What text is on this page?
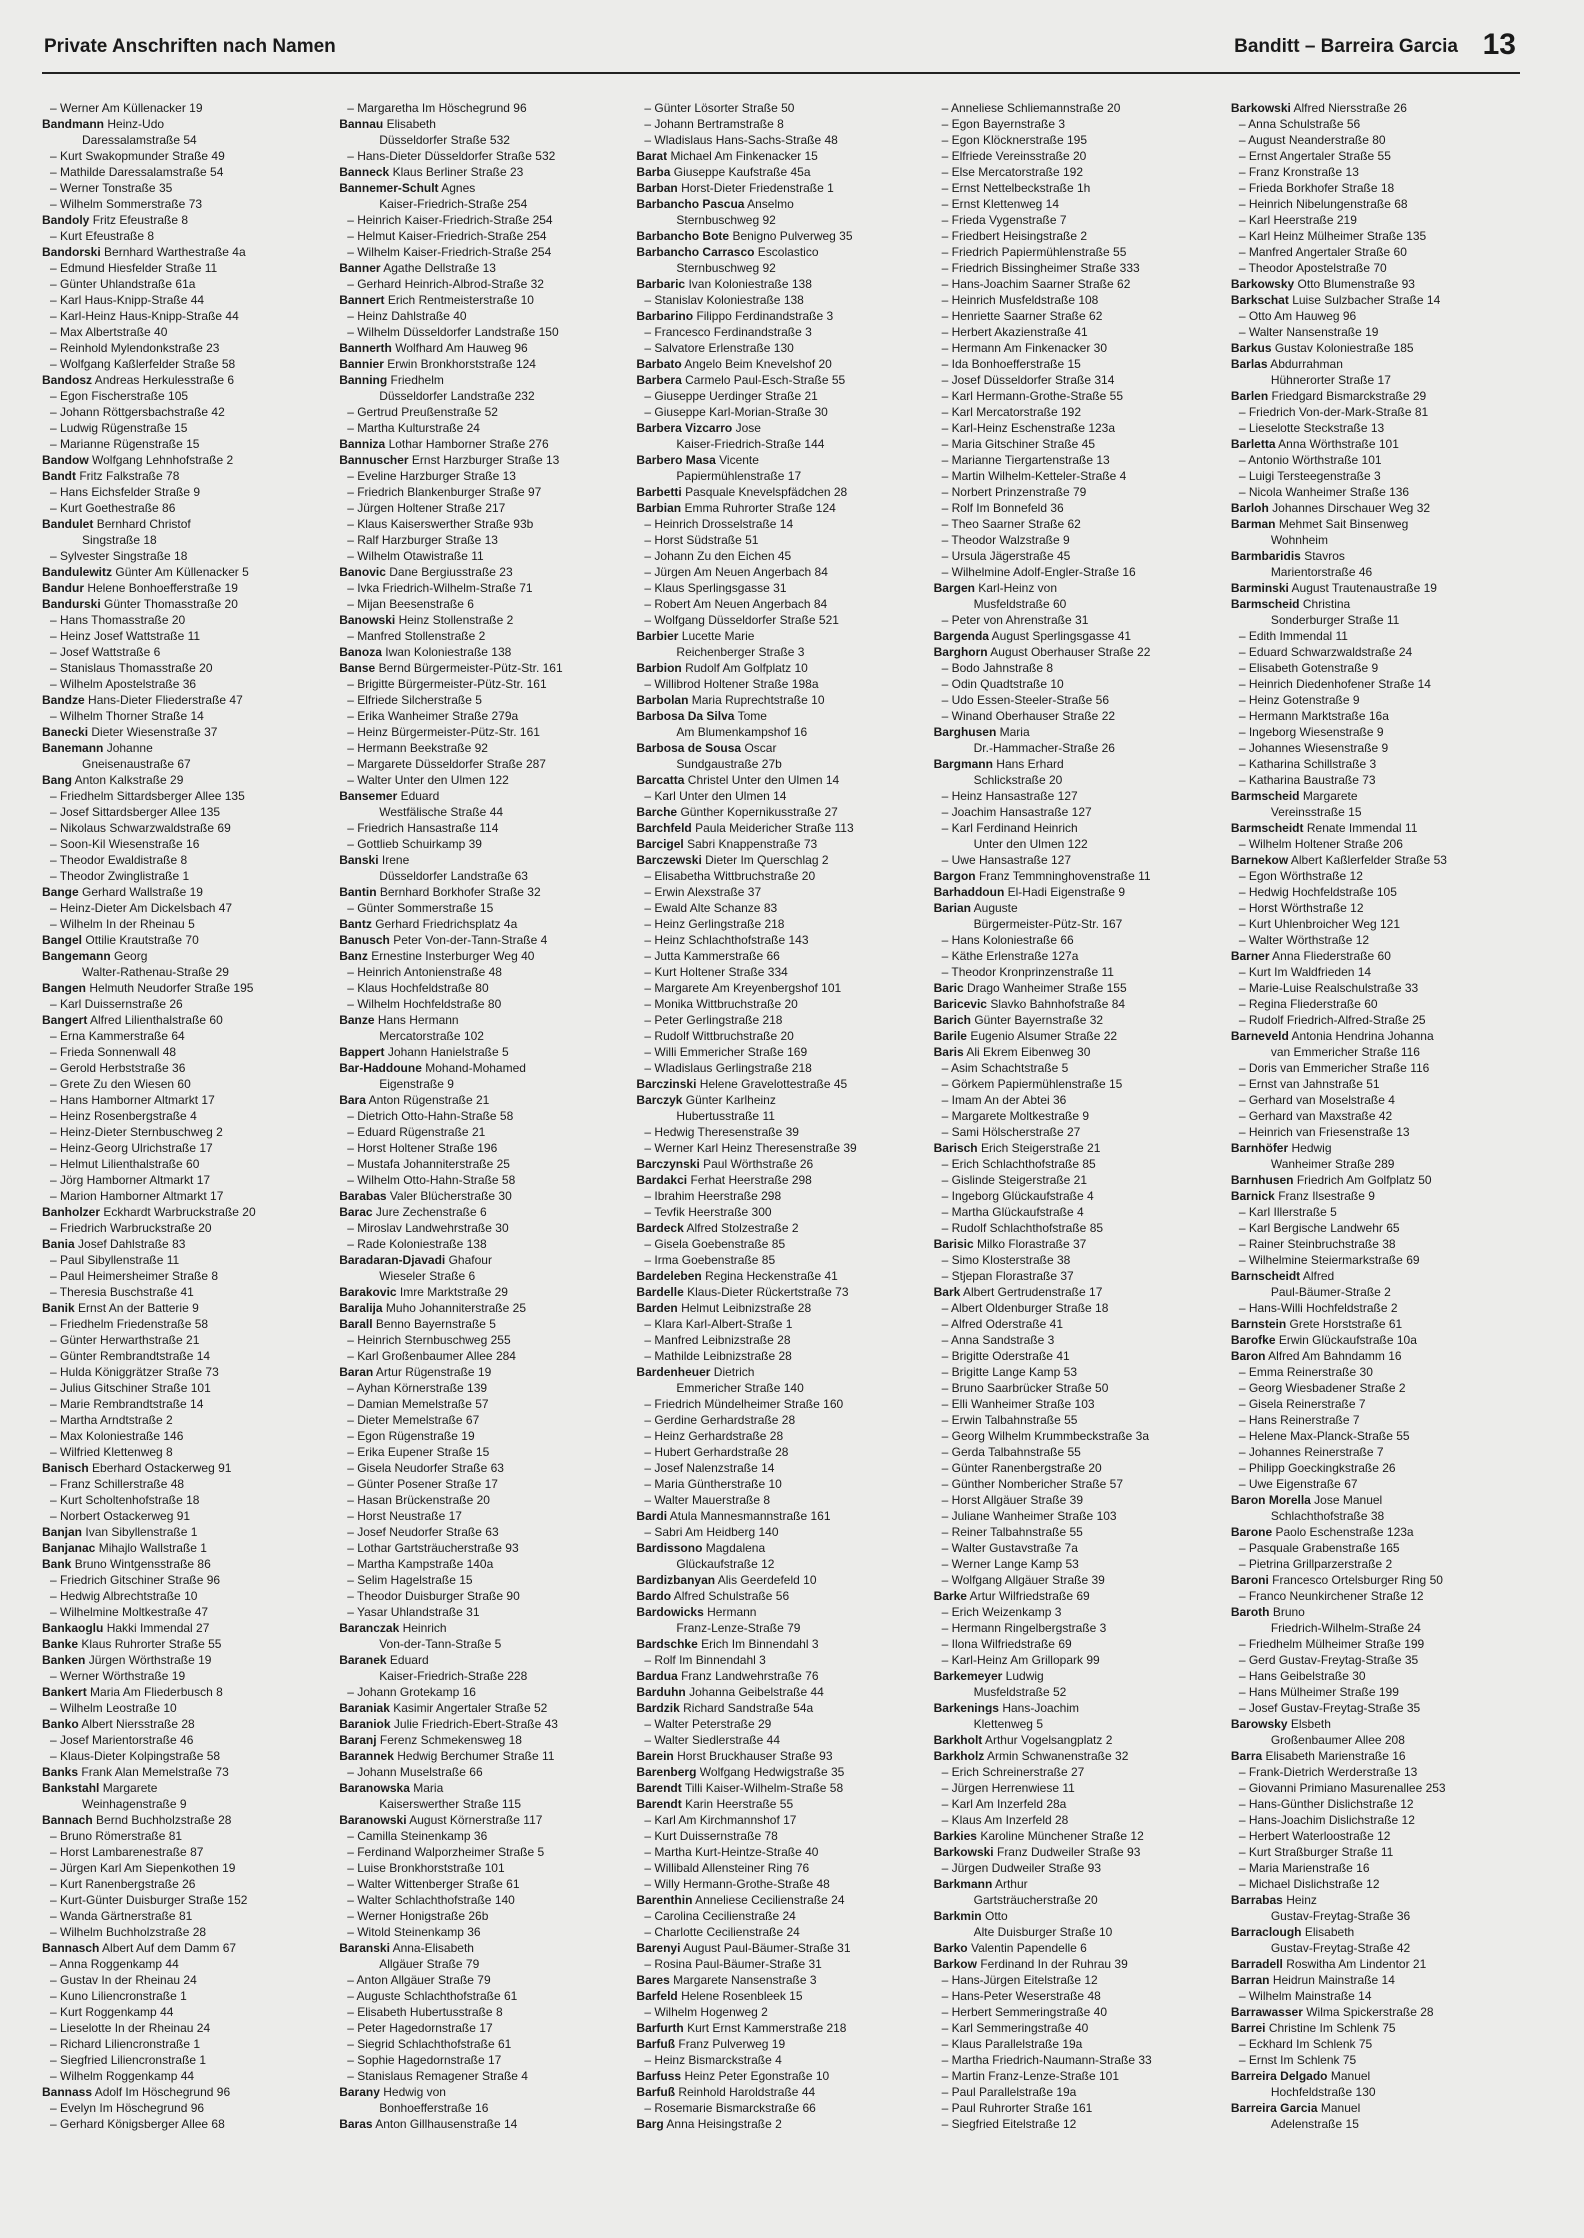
Private Anschriften nach Namen	Banditt – Barreira Garcia 13
– Werner Am Küllenacker 19
Bandmann Heinz-Udo
Daressalamstraße 54
– Kurt Swakopmunder Straße 49
– Mathilde Daressalamstraße 54
– Werner Tonstraße 35
– Wilhelm Sommerstraße 73
Bandoly Fritz Efeustraße 8
– Kurt Efeustraße 8
Bandorski Bernhard Warthestraße 4a
– Edmund Hiesfelder Straße 11
– Günter Uhlandstraße 61a
– Karl Haus-Knipp-Straße 44
– Karl-Heinz Haus-Knipp-Straße 44
– Max Albertstraße 40
– Reinhold Mylendonkstraße 23
– Wolfgang Kaßlerfelder Straße 58
Bandosz Andreas Herkulesstraße 6
– Egon Fischerstraße 105
– Johann Röttgersbachstraße 42
– Ludwig Rügenstraße 15
– Marianne Rügenstraße 15
Bandow Wolfgang Lehnhofstraße 2
Bandt Fritz Falkstraße 78
– Hans Eichsfelder Straße 9
– Kurt Goethestraße 86
Bandulet Bernhard Christof
Singstraße 18
– Sylvester Singstraße 18
Bandulewitz Günter Am Küllenacker 5
Bandur Helene Bonhoefferstraße 19
Bandurski Günter Thomasstraße 20
– Hans Thomasstraße 20
– Heinz Josef Wattstraße 11
– Josef Wattstraße 6
– Stanislaus Thomasstraße 20
– Wilhelm Apostelstraße 36
Bandze Hans-Dieter Fliederstraße 47
– Wilhelm Thorner Straße 14
Banecki Dieter Wiesenstraße 37
Banemann Johanne
Gneisenaustraße 67
Bang Anton Kalkstraße 29
– Friedhelm Sittardsberger Allee 135
– Josef Sittardsberger Allee 135
– Nikolaus Schwarzwaldstraße 69
– Soon-Kil Wiesenstraße 16
– Theodor Ewaldistraße 8
– Theodor Zwinglistraße 1
Bange Gerhard Wallstraße 19
– Heinz-Dieter Am Dickelsbach 47
– Wilhelm In der Rheinau 5
Bangel Ottilie Krautstraße 70
Bangemann Georg
Walter-Rathenau-Straße 29
Bangen Helmuth Neudorfer Straße 195
– Karl Duissernstraße 26
Bangert Alfred Lilienthalstraße 60
– Erna Kammerstraße 64
– Frieda Sonnenwall 48
– Gerold Herbststraße 36
– Grete Zu den Wiesen 60
– Hans Hamborner Altmarkt 17
– Heinz Rosenbergstraße 4
– Heinz-Dieter Sternbuschweg 2
– Heinz-Georg Ulrichstraße 17
– Helmut Lilienthalstraße 60
– Jörg Hamborner Altmarkt 17
– Marion Hamborner Altmarkt 17
Banholzer Eckhardt Warbruckstraße 20
– Friedrich Warbruckstraße 20
Bania Josef Dahlstraße 83
– Paul Sibyllenstraße 11
– Paul Heimersheimer Straße 8
– Theresia Buschstraße 41
Banik Ernst An der Batterie 9
– Friedhelm Friedenstraße 58
– Günter Herwarthstraße 21
– Günter Rembrandtstraße 14
– Hulda Königgrätzer Straße 73
– Julius Gitschiner Straße 101
– Marie Rembrandtstraße 14
– Martha Arndtstraße 2
– Max Koloniestraße 146
– Wilfried Klettenweg 8
Banisch Eberhard Ostackerweg 91
– Franz Schillerstraße 48
– Kurt Scholtenhofstraße 18
– Norbert Ostackerweg 91
Banjan Ivan Sibyllenstraße 1
Banjanac Mihajlo Wallstraße 1
Bank Bruno Wintgensstraße 86
– Friedrich Gitschiner Straße 96
– Hedwig Albrechtstraße 10
– Wilhelmine Moltkestraße 47
Bankaoglu Hakki Immendal 27
Banke Klaus Ruhrorter Straße 55
Banken Jürgen Wörthstraße 19
– Werner Wörthstraße 19
Bankert Maria Am Fliederbusch 8
– Wilhelm Leostraße 10
Banko Albert Niersstraße 28
– Josef Marientorstraße 46
– Klaus-Dieter Kolpingstraße 58
Banks Frank Alan Memelstraße 73
Bankstahl Margarete
Weinhagenstraße 9
Bannach Bernd Buchholzstraße 28
– Bruno Römerstraße 81
– Horst Lambarenestraße 87
– Jürgen Karl Am Siepenkothen 19
– Kurt Ranenbergstraße 26
– Kurt-Günter Duisburger Straße 152
– Wanda Gärtnerstraße 81
– Wilhelm Buchholzstraße 28
Bannasch Albert Auf dem Damm 67
– Anna Roggenkamp 44
– Gustav In der Rheinau 24
– Kuno Liliencronstraße 1
– Kurt Roggenkamp 44
– Lieselotte In der Rheinau 24
– Richard Liliencronstraße 1
– Siegfried Liliencronstraße 1
– Wilhelm Roggenkamp 44
Bannass Adolf Im Höschegrund 96
– Evelyn Im Höschegrund 96
– Gerhard Königsberger Allee 68
– Margaretha Im Höschegrund 96
Bannau Elisabeth
Düsseldorfer Straße 532
– Hans-Dieter Düsseldorfer Straße 532
Banneck Klaus Berliner Straße 23
Bannemer-Schult Agnes
Kaiser-Friedrich-Straße 254
– Heinrich Kaiser-Friedrich-Straße 254
– Helmut Kaiser-Friedrich-Straße 254
– Wilhelm Kaiser-Friedrich-Straße 254
Banner Agathe Dellstraße 13
– Gerhard Heinrich-Albrod-Straße 32
Bannert Erich Rentmeisterstraße 10
– Heinz Dahlstraße 40
– Wilhelm Düsseldorfer Landstraße 150
Bannerth Wolfhard Am Hauweg 96
Bannier Erwin Bronkhorststraße 124
Banning Friedhelm
Düsseldorfer Landstraße 232
– Gertrud Preußenstraße 52
– Martha Kulturstraße 24
Banniza Lothar Hamborner Straße 276
Bannuscher Ernst Harzburger Straße 13
– Eveline Harzburger Straße 13
– Friedrich Blankenburger Straße 97
– Jürgen Holtener Straße 217
– Klaus Kaiserswerther Straße 93b
– Ralf Harzburger Straße 13
– Wilhelm Otawistraße 11
Banovic Dane Bergiusstraße 23
– Ivka Friedrich-Wilhelm-Straße 71
– Mijan Beesenstraße 6
Banowski Heinz Stollenstraße 2
– Manfred Stollenstraße 2
Banoza Iwan Koloniestraße 138
Banse Bernd Bürgermeister-Pütz-Str. 161
– Brigitte Bürgermeister-Pütz-Str. 161
– Elfriede Silcherstraße 5
– Erika Wanheimer Straße 279a
– Heinz Bürgermeister-Pütz-Str. 161
– Hermann Beekstraße 92
– Margarete Düsseldorfer Straße 287
– Walter Unter den Ulmen 122
Bansemer Eduard
Westfälische Straße 44
– Friedrich Hansastraße 114
– Gottlieb Schuirkamp 39
Banski Irene
Düsseldorfer Landstraße 63
Bantin Bernhard Borkhofer Straße 32
– Günter Sommerstraße 15
Bantz Gerhard Friedrichsplatz 4a
Banusch Peter Von-der-Tann-Straße 4
Banz Ernestine Insterburger Weg 40
– Heinrich Antonienstraße 48
– Klaus Hochfeldstraße 80
– Wilhelm Hochfeldstraße 80
Banze Hans Hermann
Mercatorstraße 102
Bappert Johann Hanielstraße 5
Bar-Haddoune Mohand-Mohamed
Eigenstraße 9
Bara Anton Rügenstraße 21
– Dietrich Otto-Hahn-Straße 58
– Eduard Rügenstraße 21
– Horst Holtener Straße 196
– Mustafa Johanniterstraße 25
– Wilhelm Otto-Hahn-Straße 58
Barabas Valer Blücherstraße 30
Barac Jure Zechenstraße 6
– Miroslav Landwehrstraße 30
– Rade Koloniestraße 138
Baradaran-Djavadi Ghafour
Wieseler Straße 6
Barakovic Imre Marktstraße 29
Baralija Muho Johanniterstraße 25
Barall Benno Bayernstraße 5
– Heinrich Sternbuschweg 255
– Karl Großenbaumer Allee 284
Baran Artur Rügenstraße 19
– Ayhan Körnerstraße 139
– Damian Memelstraße 57
– Dieter Memelstraße 67
– Egon Rügenstraße 19
– Erika Eupener Straße 15
– Gisela Neudorfer Straße 63
– Günter Posener Straße 17
– Hasan Brückenstraße 20
– Horst Neustraße 17
– Josef Neudorfer Straße 63
– Lothar Gartsträucherstraße 93
– Martha Kampstraße 140a
– Selim Hagelstraße 15
– Theodor Duisburger Straße 90
– Yasar Uhlandstraße 31
Baranczak Heinrich
Von-der-Tann-Straße 5
Baranek Eduard
Kaiser-Friedrich-Straße 228
– Johann Grotekamp 16
Baraniak Kasimir Angertaler Straße 52
Baraniok Julie Friedrich-Ebert-Straße 43
Baranj Ferenz Schmekensweg 18
Barannek Hedwig Berchumer Straße 11
– Johann Muselstraße 66
Baranowska Maria
Kaiserswerther Straße 115
Baranowski August Körnerstraße 117
– Camilla Steinenkamp 36
– Ferdinand Walporzheimer Straße 5
– Luise Bronkhorststraße 101
– Walter Wittenberger Straße 61
– Walter Schlachthofstraße 140
– Werner Honigstraße 26b
– Witold Steinenkamp 36
Baranski Anna-Elisabeth
Allgäuer Straße 79
– Anton Allgäuer Straße 79
– Auguste Schlachthofstraße 61
– Elisabeth Hubertusstraße 8
– Peter Hagedornstraße 17
– Siegrid Schlachthofstraße 61
– Sophie Hagedornstraße 17
– Stanislaus Remagener Straße 4
Barany Hedwig von
Bonhoefferstraße 16
Baras Anton Gillhausenstraße 14
– Günter Lösorter Straße 50
– Johann Bertramstraße 8
– Wladislaus Hans-Sachs-Straße 48
Barat Michael Am Finkenacker 15
Barba Giuseppe Kaufstraße 45a
Barban Horst-Dieter Friedenstraße 1
Barbancho Pascua Anselmo
Sternbuschweg 92
Barbancho Bote Benigno Pulverweg 35
Barbancho Carrasco Escolastico
Sternbuschweg 92
Barbaric Ivan Koloniestraße 138
– Stanislav Koloniestraße 138
Barbarino Filippo Ferdinandstraße 3
– Francesco Ferdinandstraße 3
– Salvatore Erlenstraße 130
Barbato Angelo Beim Knevelshof 20
Barbera Carmelo Paul-Esch-Straße 55
– Giuseppe Uerdinger Straße 21
– Giuseppe Karl-Morian-Straße 30
Barbera Vizcarro Jose
Kaiser-Friedrich-Straße 144
Barbero Masa Vicente
Papiermühlenstraße 17
Barbetti Pasquale Knevelspfädchen 28
Barbian Emma Ruhrorter Straße 124
– Heinrich Drosselstraße 14
– Horst Südstraße 51
– Johann Zu den Eichen 45
– Jürgen Am Neuen Angerbach 84
– Klaus Sperlingsgasse 31
– Robert Am Neuen Angerbach 84
– Wolfgang Düsseldorfer Straße 521
Barbier Lucette Marie
Reichenberger Straße 3
Barbion Rudolf Am Golfplatz 10
– Willibrod Holtener Straße 198a
Barbolan Maria Ruprechtstraße 10
Barbosa Da Silva Tome
Am Blumenkampshof 16
Barbosa de Sousa Oscar
Sundgaustraße 27b
Barcatta Christel Unter den Ulmen 14
– Karl Unter den Ulmen 14
Barche Günther Kopernikusstraße 27
Barchfeld Paula Meidericher Straße 113
Barcigel Sabri Knappenstraße 73
Barczewski Dieter Im Querschlag 2
– Elisabetha Wittbruchstraße 20
– Erwin Alexstraße 37
– Ewald Alte Schanze 83
– Heinz Gerlingstraße 218
– Heinz Schlachthofstraße 143
– Jutta Kammerstraße 66
– Kurt Holtener Straße 334
– Margarete Am Kreyenbergshof 101
– Monika Wittbruchstraße 20
– Peter Gerlingstraße 218
– Rudolf Wittbruchstraße 20
– Willi Emmericher Straße 169
– Wladislaus Gerlingstraße 218
Barczinski Helene Gravelottestraße 45
Barczyk Günter Karlheinz
Hubertusstraße 11
– Hedwig Theresenstraße 39
– Werner Karl Heinz Theresenstraße 39
Barczynski Paul Wörthstraße 26
Bardakci Ferhat Heerstraße 298
– Ibrahim Heerstraße 298
– Tevfik Heerstraße 300
Bardeck Alfred Stolzestraße 2
– Gisela Goebenstraße 85
– Irma Goebenstraße 85
Bardeleben Regina Heckenstraße 41
Bardelle Klaus-Dieter Rückertstraße 73
Barden Helmut Leibnizstraße 28
– Klara Karl-Albert-Straße 1
– Manfred Leibnizstraße 28
– Mathilde Leibnizstraße 28
Bardenheuer Dietrich
Emmericher Straße 140
– Friedrich Mündelheimer Straße 160
– Gerdine Gerhardstraße 28
– Heinz Gerhardstraße 28
– Hubert Gerhardstraße 28
– Josef Nalenzstraße 14
– Maria Güntherstraße 10
– Walter Mauerstraße 8
Bardi Atula Mannesmannstraße 161
– Sabri Am Heidberg 140
Bardissono Magdalena
Glückaufstraße 12
Bardizbanyan Alis Geerdefeld 10
Bardo Alfred Schulstraße 56
Bardowicks Hermann
Franz-Lenze-Straße 79
Bardschke Erich Im Binnendahl 3
– Rolf Im Binnendahl 3
Bardua Franz Landwehrstraße 76
Barduhn Johanna Geibelstraße 44
Bardzik Richard Sandstraße 54a
– Walter Peterstraße 29
– Walter Siedlerstraße 44
Barein Horst Bruckhauser Straße 93
Barenberg Wolfgang Hedwigstraße 35
Barendt Tilli Kaiser-Wilhelm-Straße 58
Barendt Karin Heerstraße 55
– Karl Am Kirchmannshof 17
– Kurt Duissernstraße 78
– Martha Kurt-Heintze-Straße 40
– Willibald Allensteiner Ring 76
– Willy Hermann-Grothe-Straße 48
Barenthin Anneliese Cecilienstraße 24
– Carolina Cecilienstraße 24
– Charlotte Cecilienstraße 24
Barenyi August Paul-Bäumer-Straße 31
– Rosina Paul-Bäumer-Straße 31
Bares Margarete Nansenstraße 3
Barfeld Helene Rosenbleek 15
– Wilhelm Hogenweg 2
Barfurth Kurt Ernst Kammerstraße 218
Barfuß Franz Pulverweg 19
– Heinz Bismarckstraße 4
Barfuss Heinz Peter Egonstraße 10
Barfuß Reinhold Haroldstraße 44
– Rosemarie Bismarckstraße 66
Barg Anna Heisingstraße 2
– Anneliese Schliemannstraße 20
– Egon Bayernstraße 3
– Egon Klöcknerstraße 195
– Elfriede Vereinsstraße 20
– Else Mercatorstraße 192
– Ernst Nettelbeckstraße 1h
– Ernst Klettenweg 14
– Frieda Vygenstraße 7
– Friedbert Heisingstraße 2
– Friedrich Papiermühlenstraße 55
– Friedrich Bissingheimer Straße 333
– Hans-Joachim Saarner Straße 62
– Heinrich Musfeldstraße 108
– Henriette Saarner Straße 62
– Herbert Akazienstraße 41
– Hermann Am Finkenacker 30
– Ida Bonhoefferstraße 15
– Josef Düsseldorfer Straße 314
– Karl Hermann-Grothe-Straße 55
– Karl Mercatorstraße 192
– Karl-Heinz Eschenstraße 123a
– Maria Gitschiner Straße 45
– Marianne Tiergartenstraße 13
– Martin Wilhelm-Ketteler-Straße 4
– Norbert Prinzenstraße 79
– Rolf Im Bonnefeld 36
– Theo Saarner Straße 62
– Theodor Walzstraße 9
– Ursula Jägerstraße 45
– Wilhelmine Adolf-Engler-Straße 16
Bargen Karl-Heinz von
Musfeldstraße 60
– Peter von Ahrenstraße 31
Bargenda August Sperlingsgasse 41
Barghorn August Oberhauser Straße 22
– Bodo Jahnstraße 8
– Odin Quadtstraße 10
– Udo Essen-Steeler-Straße 56
– Winand Oberhauser Straße 22
Barghusen Maria
Dr.-Hammacher-Straße 26
Bargmann Hans Erhard
Schlickstraße 20
– Heinz Hansastraße 127
– Joachim Hansastraße 127
– Karl Ferdinand Heinrich
Unter den Ulmen 122
– Uwe Hansastraße 127
Bargon Franz Temmninghovenstraße 11
Barhaddoun El-Hadi Eigenstraße 9
Barian Auguste
Bürgermeister-Pütz-Str. 167
– Hans Koloniestraße 66
– Käthe Erlenstraße 127a
– Theodor Kronprinzenstraße 11
Baric Drago Wanheimer Straße 155
Baricevic Slavko Bahnhofstraße 84
Barich Günter Bayernstraße 32
Barile Eugenio Alsumer Straße 22
Baris Ali Ekrem Eibenweg 30
– Asim Schachtstraße 5
– Görkem Papiermühlenstraße 15
– Imam An der Abtei 36
– Margarete Moltkestraße 9
– Sami Hölscherstraße 27
Barisch Erich Steigerstraße 21
– Erich Schlachthofstraße 85
– Gislinde Steigerstraße 21
– Ingeborg Glückaufstraße 4
– Martha Glückaufstraße 4
– Rudolf Schlachthofstraße 85
Barisic Milko Florastraße 37
– Simo Klosterstraße 38
– Stjepan Florastraße 37
Bark Albert Gertrudenstraße 17
– Albert Oldenburger Straße 18
– Alfred Oderstraße 41
– Anna Sandstraße 3
– Brigitte Oderstraße 41
– Brigitte Lange Kamp 53
– Bruno Saarbrücker Straße 50
– Elli Wanheimer Straße 103
– Erwin Talbahnstraße 55
– Georg Wilhelm Krummbeckstraße 3a
– Gerda Talbahnstraße 55
– Günter Ranenbergstraße 20
– Günther Nombericher Straße 57
– Horst Allgäuer Straße 39
– Juliane Wanheimer Straße 103
– Reiner Talbahnstraße 55
– Walter Gustavstraße 7a
– Werner Lange Kamp 53
– Wolfgang Allgäuer Straße 39
Barke Artur Wilfriedstraße 69
– Erich Weizenkamp 3
– Hermann Ringelbergstraße 3
– Ilona Wilfriedstraße 69
– Karl-Heinz Am Grillopark 99
Barkemeyer Ludwig
Musfeldstraße 52
Barkenings Hans-Joachim
Klettenweg 5
Barkholt Arthur Vogelsangplatz 2
Barkholz Armin Schwanenstraße 32
– Erich Schreinerstraße 27
– Jürgen Herrenwiese 11
– Karl Am Inzerfeld 28a
– Klaus Am Inzerfeld 28
Barkies Karoline Münchener Straße 12
Barkowski Franz Dudweiler Straße 93
– Jürgen Dudweiler Straße 93
Barkmann Arthur
Gartsträucherstraße 20
Barkmin Otto
Alte Duisburger Straße 10
Barko Valentin Papendelle 6
Barkow Ferdinand In der Ruhrau 39
– Hans-Jürgen Eitelstraße 12
– Hans-Peter Weserstraße 48
– Herbert Semmeringstraße 40
– Karl Semmeringstraße 40
– Klaus Parallelstraße 19a
– Martha Friedrich-Naumann-Straße 33
– Martin Franz-Lenze-Straße 101
– Paul Parallelstraße 19a
– Paul Ruhrorter Straße 161
– Siegfried Eitelstraße 12
Barkowski Alfred Niersstraße 26
– Anna Schulstraße 56
– August Neanderstraße 80
– Ernst Angertaler Straße 55
– Franz Kronstraße 13
– Frieda Borkhofer Straße 18
– Heinrich Nibelungenstraße 68
– Karl Heerstraße 219
– Karl Heinz Mülheimer Straße 135
– Manfred Angertaler Straße 60
– Theodor Apostelstraße 70
Barkowsky Otto Blumenstraße 93
Barkschat Luise Sulzbacher Straße 14
– Otto Am Hauweg 96
– Walter Nansenstraße 19
Barkus Gustav Koloniestraße 185
Barlas Abdurrahman
Hühnerorter Straße 17
Barlen Friedgard Bismarckstraße 29
– Friedrich Von-der-Mark-Straße 81
– Lieselotte Steckstraße 13
Barletta Anna Wörthstraße 101
– Antonio Wörthstraße 101
– Luigi Tersteegenstraße 3
– Nicola Wanheimer Straße 136
Barloh Johannes Dirschauer Weg 32
Barman Mehmet Sait Binsenweg
Wohnheim
Barmbaridis Stavros
Marientorstraße 46
Barminski August Trautenaustraße 19
Barmscheid Christina
Sonderburger Straße 11
– Edith Immendal 11
– Eduard Schwarzwaldstraße 24
– Elisabeth Gotenstraße 9
– Heinrich Diedenhofener Straße 14
– Heinz Gotenstraße 9
– Hermann Marktstraße 16a
– Ingeborg Wiesenstraße 9
– Johannes Wiesenstraße 9
– Katharina Schillstraße 3
– Katharina Baustraße 73
Barmscheid Margarete
Vereinsstraße 15
Barmscheidt Renate Immendal 11
– Wilhelm Holtener Straße 206
Barnekow Albert Kaßlerfelder Straße 53
– Egon Wörthstraße 12
– Hedwig Hochfeldstraße 105
– Horst Wörthstraße 12
– Kurt Uhlenbroicher Weg 121
– Walter Wörthstraße 12
Barner Anna Fliederstraße 60
– Kurt Im Waldfrieden 14
– Marie-Luise Realschulstraße 33
– Regina Fliederstraße 60
– Rudolf Friedrich-Alfred-Straße 25
Barneveld Antonia Hendrina Johanna
van Emmericher Straße 116
– Doris van Emmericher Straße 116
– Ernst van Jahnstraße 51
– Gerhard van Moselstraße 4
– Gerhard van Maxstraße 42
– Heinrich van Friesenstraße 13
Barnhöfer Hedwig
Wanheimer Straße 289
Barnhusen Friedrich Am Golfplatz 50
Barnick Franz Ilsestraße 9
– Karl Illerstraße 5
– Karl Bergische Landwehr 65
– Rainer Steinbruchstraße 38
– Wilhelmine Steiermarkstraße 69
Barnscheidt Alfred
Paul-Bäumer-Straße 2
– Hans-Willi Hochfeldstraße 2
Barnstein Grete Horststraße 61
Barofke Erwin Glückaufstraße 10a
Baron Alfred Am Bahndamm 16
– Emma Reinerstraße 30
– Georg Wiesbadener Straße 2
– Gisela Reinerstraße 7
– Hans Reinerstraße 7
– Helene Max-Planck-Straße 55
– Johannes Reinerstraße 7
– Philipp Goeckingkstraße 26
– Uwe Eigenstraße 67
Baron Morella Jose Manuel
Schlachthofstraße 38
Barone Paolo Eschenstraße 123a
– Pasquale Grabenstraße 165
– Pietrina Grillparzerstraße 2
Baroni Francesco Ortelsburger Ring 50
– Franco Neunkirchener Straße 12
Baroth Bruno
Friedrich-Wilhelm-Straße 24
– Friedhelm Mülheimer Straße 199
– Gerd Gustav-Freytag-Straße 35
– Hans Geibelstraße 30
– Hans Mülheimer Straße 199
– Josef Gustav-Freytag-Straße 35
Barowsky Elsbeth
Großenbaumer Allee 208
Barra Elisabeth Marienstraße 16
– Frank-Dietrich Werderstraße 13
– Giovanni Primiano Masurenallee 253
– Hans-Günther Dislichstraße 12
– Hans-Joachim Dislichstraße 12
– Herbert Waterloostraße 12
– Kurt Straßburger Straße 11
– Maria Marienstraße 16
– Michael Dislichstraße 12
Barrabas Heinz
Gustav-Freytag-Straße 36
Barraclough Elisabeth
Gustav-Freytag-Straße 42
Barradell Roswitha Am Lindentor 21
Barran Heidrun Mainstraße 14
– Wilhelm Mainstraße 14
Barrawasser Wilma Spickerstraße 28
Barrei Christine Im Schlenk 75
– Eckhard Im Schlenk 75
– Ernst Im Schlenk 75
Barreira Delgado Manuel
Hochfeldstraße 130
Barreira Garcia Manuel
Adelenstraße 15
